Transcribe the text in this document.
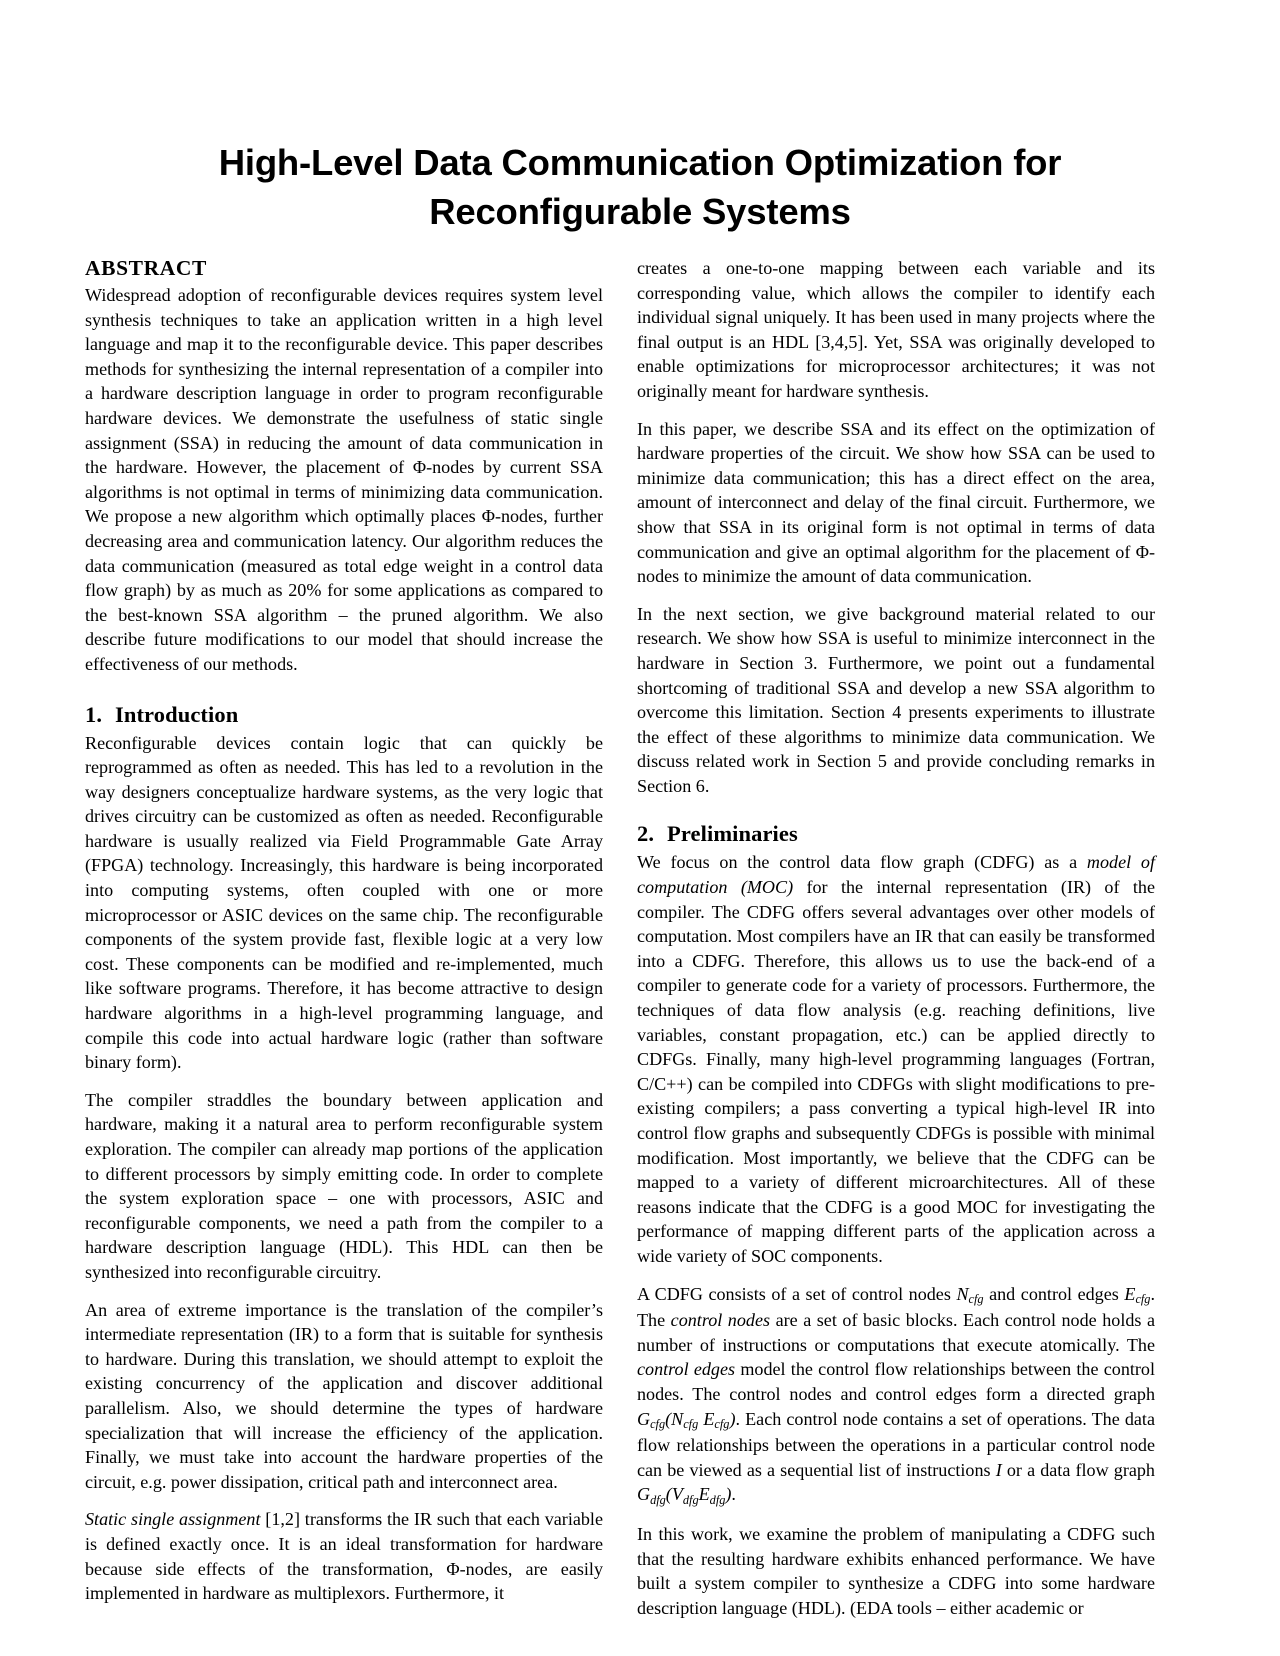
High-Level Data Communication Optimization for Reconfigurable Systems
ABSTRACT

Widespread adoption of reconfigurable devices requires system level synthesis techniques to take an application written in a high level language and map it to the reconfigurable device. This paper describes methods for synthesizing the internal representation of a compiler into a hardware description language in order to program reconfigurable hardware devices. We demonstrate the usefulness of static single assignment (SSA) in reducing the amount of data communication in the hardware. However, the placement of Φ-nodes by current SSA algorithms is not optimal in terms of minimizing data communication. We propose a new algorithm which optimally places Φ-nodes, further decreasing area and communication latency. Our algorithm reduces the data communication (measured as total edge weight in a control data flow graph) by as much as 20% for some applications as compared to the best-known SSA algorithm – the pruned algorithm. We also describe future modifications to our model that should increase the effectiveness of our methods.

1. Introduction

Reconfigurable devices contain logic that can quickly be reprogrammed as often as needed. This has led to a revolution in the way designers conceptualize hardware systems, as the very logic that drives circuitry can be customized as often as needed. Reconfigurable hardware is usually realized via Field Programmable Gate Array (FPGA) technology. Increasingly, this hardware is being incorporated into computing systems, often coupled with one or more microprocessor or ASIC devices on the same chip. The reconfigurable components of the system provide fast, flexible logic at a very low cost. These components can be modified and re-implemented, much like software programs. Therefore, it has become attractive to design hardware algorithms in a high-level programming language, and compile this code into actual hardware logic (rather than software binary form).

The compiler straddles the boundary between application and hardware, making it a natural area to perform reconfigurable system exploration. The compiler can already map portions of the application to different processors by simply emitting code. In order to complete the system exploration space – one with processors, ASIC and reconfigurable components, we need a path from the compiler to a hardware description language (HDL). This HDL can then be synthesized into reconfigurable circuitry.

An area of extreme importance is the translation of the compiler’s intermediate representation (IR) to a form that is suitable for synthesis to hardware. During this translation, we should attempt to exploit the existing concurrency of the application and discover additional parallelism. Also, we should determine the types of hardware specialization that will increase the efficiency of the application. Finally, we must take into account the hardware properties of the circuit, e.g. power dissipation, critical path and interconnect area.

Static single assignment [1,2] transforms the IR such that each variable is defined exactly once. It is an ideal transformation for hardware because side effects of the transformation, Φ-nodes, are easily implemented in hardware as multiplexors. Furthermore, it

creates a one-to-one mapping between each variable and its corresponding value, which allows the compiler to identify each individual signal uniquely. It has been used in many projects where the final output is an HDL [3,4,5]. Yet, SSA was originally developed to enable optimizations for microprocessor architectures; it was not originally meant for hardware synthesis.

In this paper, we describe SSA and its effect on the optimization of hardware properties of the circuit. We show how SSA can be used to minimize data communication; this has a direct effect on the area, amount of interconnect and delay of the final circuit. Furthermore, we show that SSA in its original form is not optimal in terms of data communication and give an optimal algorithm for the placement of Φ-nodes to minimize the amount of data communication.

In the next section, we give background material related to our research. We show how SSA is useful to minimize interconnect in the hardware in Section 3. Furthermore, we point out a fundamental shortcoming of traditional SSA and develop a new SSA algorithm to overcome this limitation. Section 4 presents experiments to illustrate the effect of these algorithms to minimize data communication. We discuss related work in Section 5 and provide concluding remarks in Section 6.

2. Preliminaries

We focus on the control data flow graph (CDFG) as a model of computation (MOC) for the internal representation (IR) of the compiler. The CDFG offers several advantages over other models of computation. Most compilers have an IR that can easily be transformed into a CDFG. Therefore, this allows us to use the back-end of a compiler to generate code for a variety of processors. Furthermore, the techniques of data flow analysis (e.g. reaching definitions, live variables, constant propagation, etc.) can be applied directly to CDFGs. Finally, many high-level programming languages (Fortran, C/C++) can be compiled into CDFGs with slight modifications to pre-existing compilers; a pass converting a typical high-level IR into control flow graphs and subsequently CDFGs is possible with minimal modification. Most importantly, we believe that the CDFG can be mapped to a variety of different microarchitectures. All of these reasons indicate that the CDFG is a good MOC for investigating the performance of mapping different parts of the application across a wide variety of SOC components.

A CDFG consists of a set of control nodes $N_{cfg}$ and control edges $E_{cfg}$. The control nodes are a set of basic blocks. Each control node holds a number of instructions or computations that execute atomically. The control edges model the control flow relationships between the control nodes. The control nodes and control edges form a directed graph $G_{cfg}(N_{cfg}$ $E_{cfg}$). Each control node contains a set of operations. The data flow relationships between the operations in a particular control node can be viewed as a sequential list of instructions I or a data flow graph $G_{dfg}(V_{dfg}E_{dfg})$.

In this work, we examine the problem of manipulating a CDFG such that the resulting hardware exhibits enhanced performance. We have built a system compiler to synthesize a CDFG into some hardware description language (HDL). (EDA tools – either academic or
